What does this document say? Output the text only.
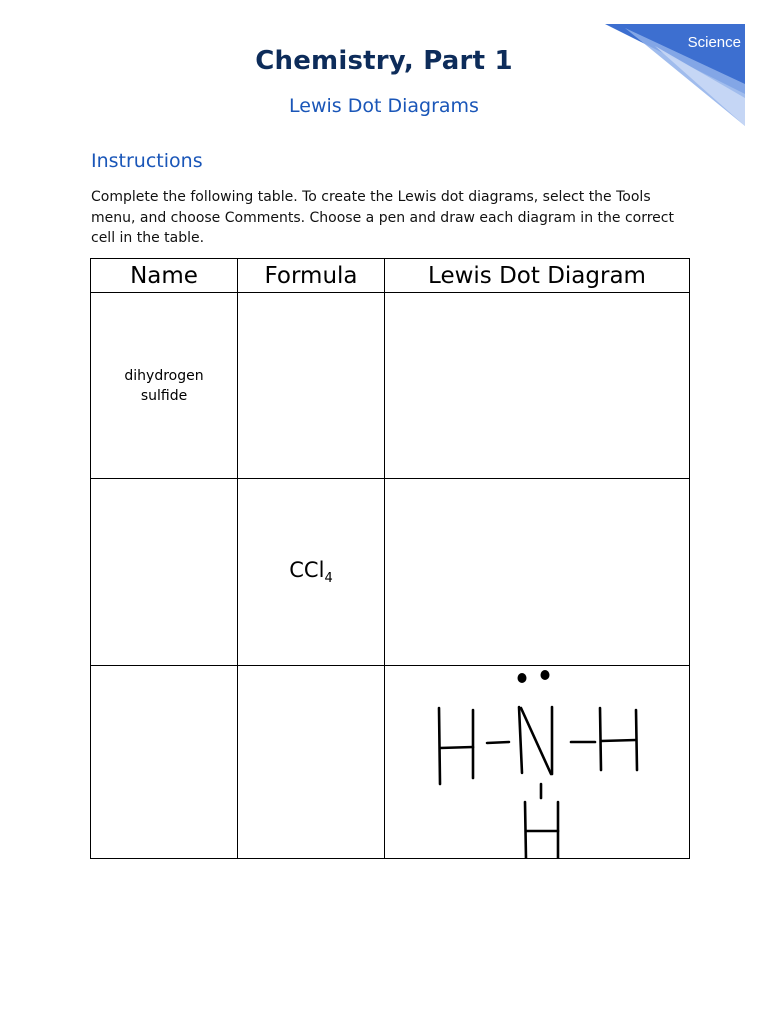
Science
Chemistry, Part 1
Lewis Dot Diagrams
Instructions
Complete the following table. To create the Lewis dot diagrams, select the Tools menu, and choose Comments. Choose a pen and draw each diagram in the correct cell in the table.
Name	Formula	Lewis Dot Diagram
dihydrogen sulfide		
	CCl$_4$	
